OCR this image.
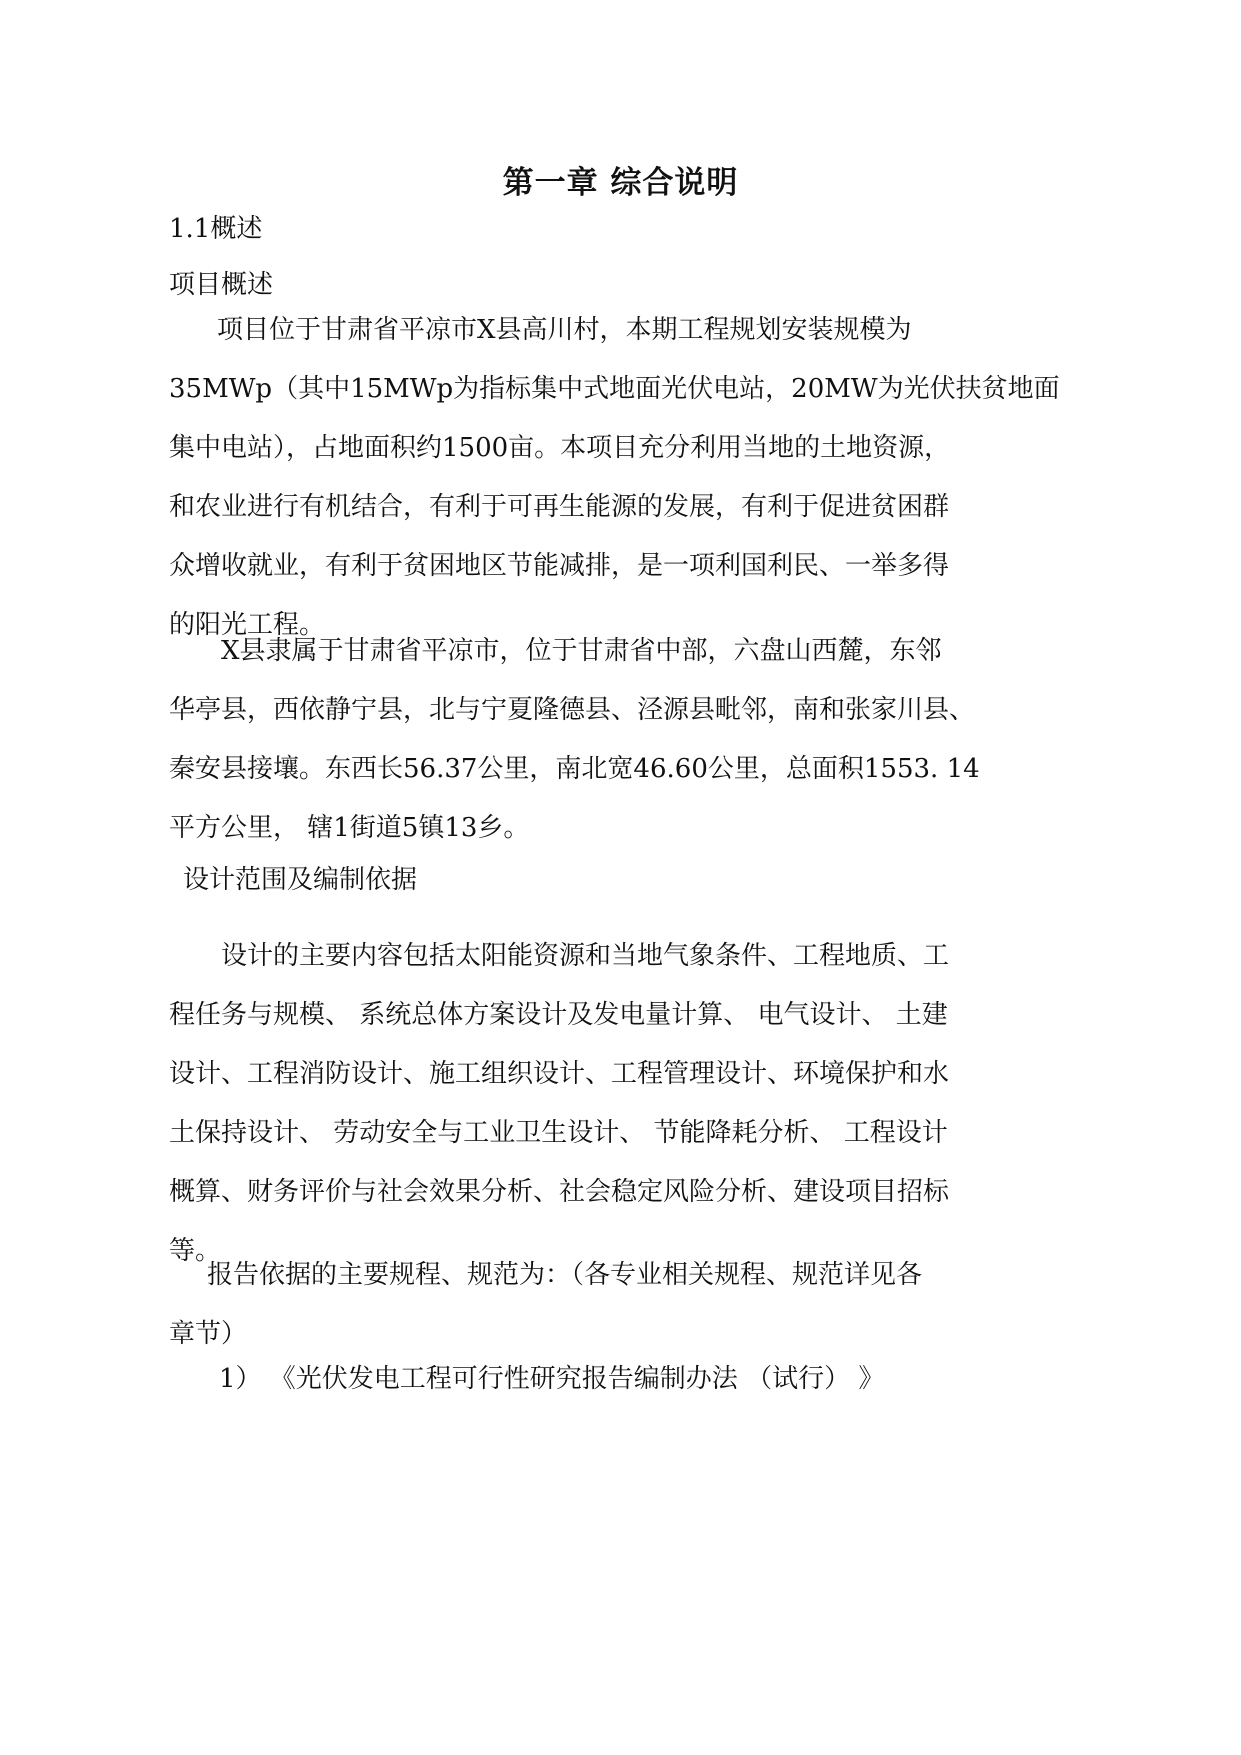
第一章 综合说明
1.1概述
项目概述
项目位于甘肃省平凉市X县高川村，本期工程规划安装规模为
35MWp（其中15MWp为指标集中式地面光伏电站，20MW为光伏扶贫地面
集中电站），占地面积约1500亩。本项目充分利用当地的土地资源，
和农业进行有机结合，有利于可再生能源的发展，有利于促进贫困群
众增收就业，有利于贫困地区节能减排，是一项利国利民、一举多得
的阳光工程。
X县隶属于甘肃省平凉市，位于甘肃省中部，六盘山西麓，东邻
华亭县，西依静宁县，北与宁夏隆德县、泾源县毗邻，南和张家川县、
秦安县接壤。东西长56.37公里，南北宽46.60公里，总面积1553. 14
平方公里， 辖1街道5镇13乡。
设计范围及编制依据
设计的主要内容包括太阳能资源和当地气象条件、工程地质、工
程任务与规模、 系统总体方案设计及发电量计算、 电气设计、 土建
设计、工程消防设计、施工组织设计、工程管理设计、环境保护和水
土保持设计、 劳动安全与工业卫生设计、 节能降耗分析、 工程设计
概算、财务评价与社会效果分析、社会稳定风险分析、建设项目招标
等。
报告依据的主要规程、规范为：（各专业相关规程、规范详见各
章节）
1） 《光伏发电工程可行性研究报告编制办法 （试行） 》
